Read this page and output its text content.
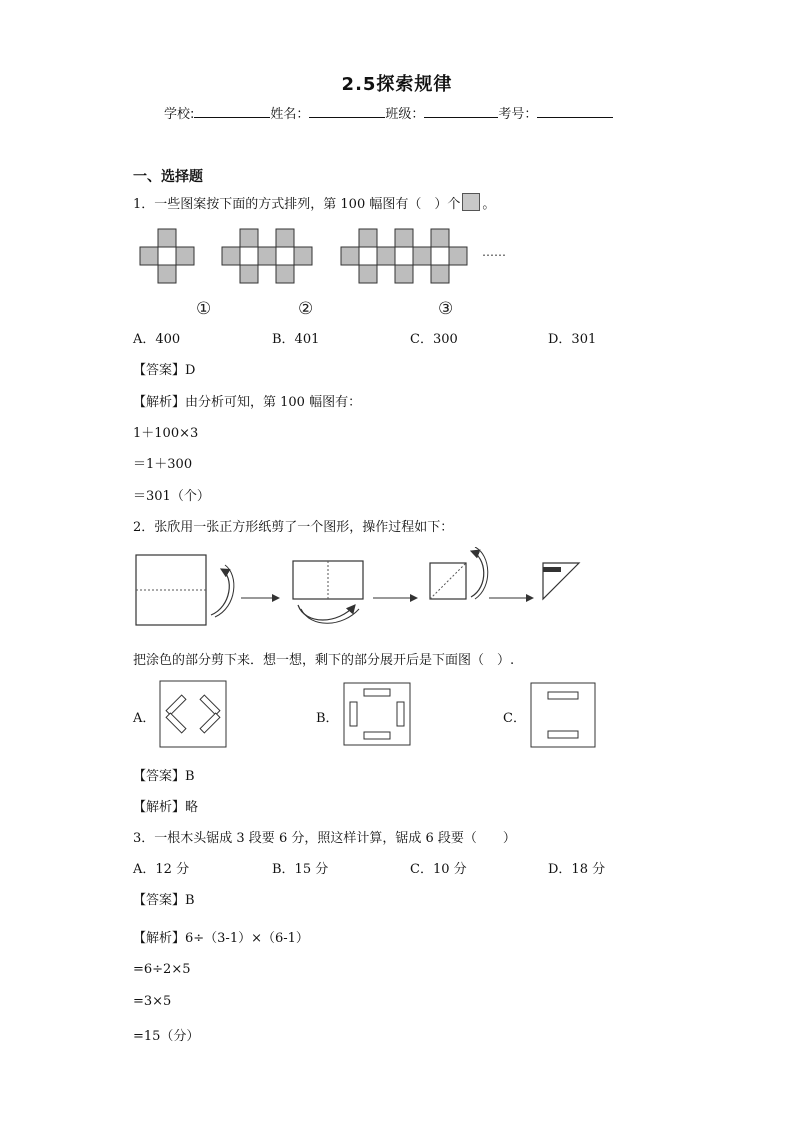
2.5探索规律
学校:	姓名：	班级：	考号：
一、选择题
1．一些图案按下面的方式排列，第 100 幅图有（　）个 。
……
①	②	③
A．400	B．401	C．300	D．301
【答案】D
【解析】由分析可知，第 100 幅图有：
1＋100×3
＝1＋300
＝301（个）
2．张欣用一张正方形纸剪了一个图形，操作过程如下：
把涂色的部分剪下来．想一想，剩下的部分展开后是下面图（　）.
A．	B．	C．
【答案】B
【解析】略
3．一根木头锯成 3 段要 6 分，照这样计算，锯成 6 段要（　　）
A．12 分	B．15 分	C．10 分	D．18 分
【答案】B
【解析】6÷（3-1）×（6-1）
=6÷2×5
=3×5
=15（分）
